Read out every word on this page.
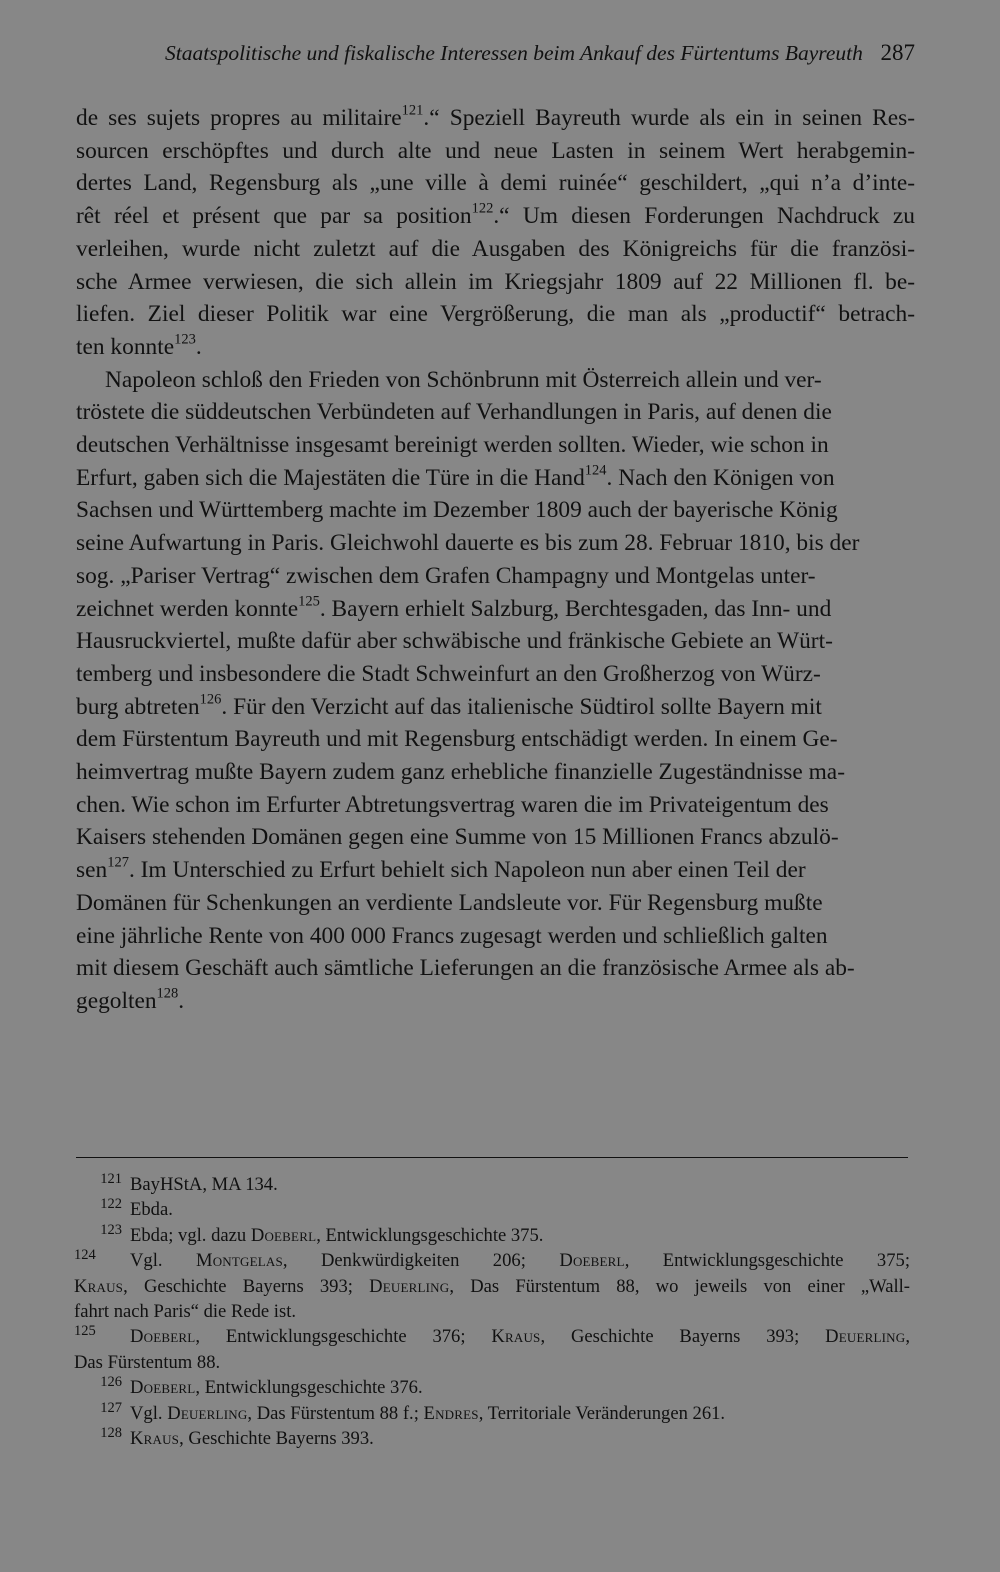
Staatspolitische und fiskalische Interessen beim Ankauf des Fürtentums Bayreuth 287

de ses sujets propres au militaire$^{121}$.“ Speziell Bayreuth wurde als ein in seinen Res-
sourcen erschöpftes und durch alte und neue Lasten in seinem Wert herabgemin-
dertes Land, Regensburg als „une ville à demi ruinée“ geschildert, „qui n’a d’inte-
rêt réel et présent que par sa position$^{122}$.“ Um diesen Forderungen Nachdruck zu
verleihen, wurde nicht zuletzt auf die Ausgaben des Königreichs für die französi-
sche Armee verwiesen, die sich allein im Kriegsjahr 1809 auf 22 Millionen fl. be-
liefen. Ziel dieser Politik war eine Vergrößerung, die man als „productif“ betrach-
ten konnte$^{123}$.

Napoleon schloß den Frieden von Schönbrunn mit Österreich allein und ver-
tröstete die süddeutschen Verbündeten auf Verhandlungen in Paris, auf denen die
deutschen Verhältnisse insgesamt bereinigt werden sollten. Wieder, wie schon in
Erfurt, gaben sich die Majestäten die Türe in die Hand$^{124}$. Nach den Königen von
Sachsen und Württemberg machte im Dezember 1809 auch der bayerische König
seine Aufwartung in Paris. Gleichwohl dauerte es bis zum 28. Februar 1810, bis der
sog. „Pariser Vertrag“ zwischen dem Grafen Champagny und Montgelas unter-
zeichnet werden konnte$^{125}$. Bayern erhielt Salzburg, Berchtesgaden, das Inn- und
Hausruckviertel, mußte dafür aber schwäbische und fränkische Gebiete an Würt-
temberg und insbesondere die Stadt Schweinfurt an den Großherzog von Würz-
burg abtreten$^{126}$. Für den Verzicht auf das italienische Südtirol sollte Bayern mit
dem Fürstentum Bayreuth und mit Regensburg entschädigt werden. In einem Ge-
heimvertrag mußte Bayern zudem ganz erhebliche finanzielle Zugeständnisse ma-
chen. Wie schon im Erfurter Abtretungsvertrag waren die im Privateigentum des
Kaisers stehenden Domänen gegen eine Summe von 15 Millionen Francs abzulö-
sen$^{127}$. Im Unterschied zu Erfurt behielt sich Napoleon nun aber einen Teil der
Domänen für Schenkungen an verdiente Landsleute vor. Für Regensburg mußte
eine jährliche Rente von 400 000 Francs zugesagt werden und schließlich galten
mit diesem Geschäft auch sämtliche Lieferungen an die französische Armee als ab-
gegolten$^{128}$.

$^{121}$ BayHStA, MA 134.
$^{122}$ Ebda.
$^{123}$ Ebda; vgl. dazu Doeberl, Entwicklungsgeschichte 375.
$^{124}$ Vgl. Montgelas, Denkwürdigkeiten 206; Doeberl, Entwicklungsgeschichte 375;
Kraus, Geschichte Bayerns 393; Deuerling, Das Fürstentum 88, wo jeweils von einer „Wall-
fahrt nach Paris“ die Rede ist.
$^{125}$ Doeberl, Entwicklungsgeschichte 376; Kraus, Geschichte Bayerns 393; Deuerling,
Das Fürstentum 88.
$^{126}$ Doeberl, Entwicklungsgeschichte 376.
$^{127}$ Vgl. Deuerling, Das Fürstentum 88 f.; Endres, Territoriale Veränderungen 261.
$^{128}$ Kraus, Geschichte Bayerns 393.
